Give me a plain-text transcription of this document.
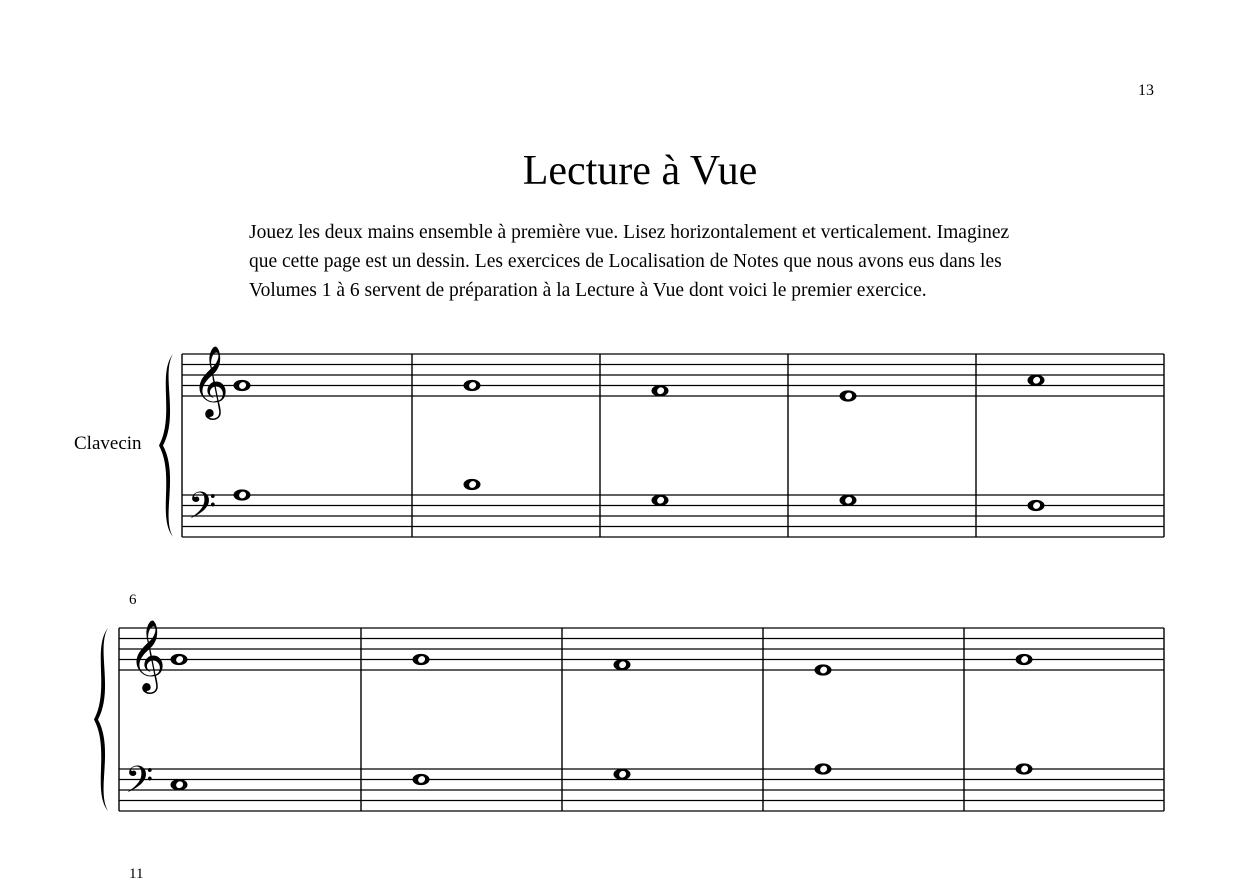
13
Lecture à Vue
Jouez les deux mains ensemble à première vue. Lisez horizontalement et verticalement. Imaginez
que cette page est un dessin. Les exercices de Localisation de Notes que nous avons eus dans les
Volumes 1 à 6 servent de préparation à la Lecture à Vue dont voici le premier exercice.
Clavecin
6
11
𝄞
𝄢
𝄞
𝄢
